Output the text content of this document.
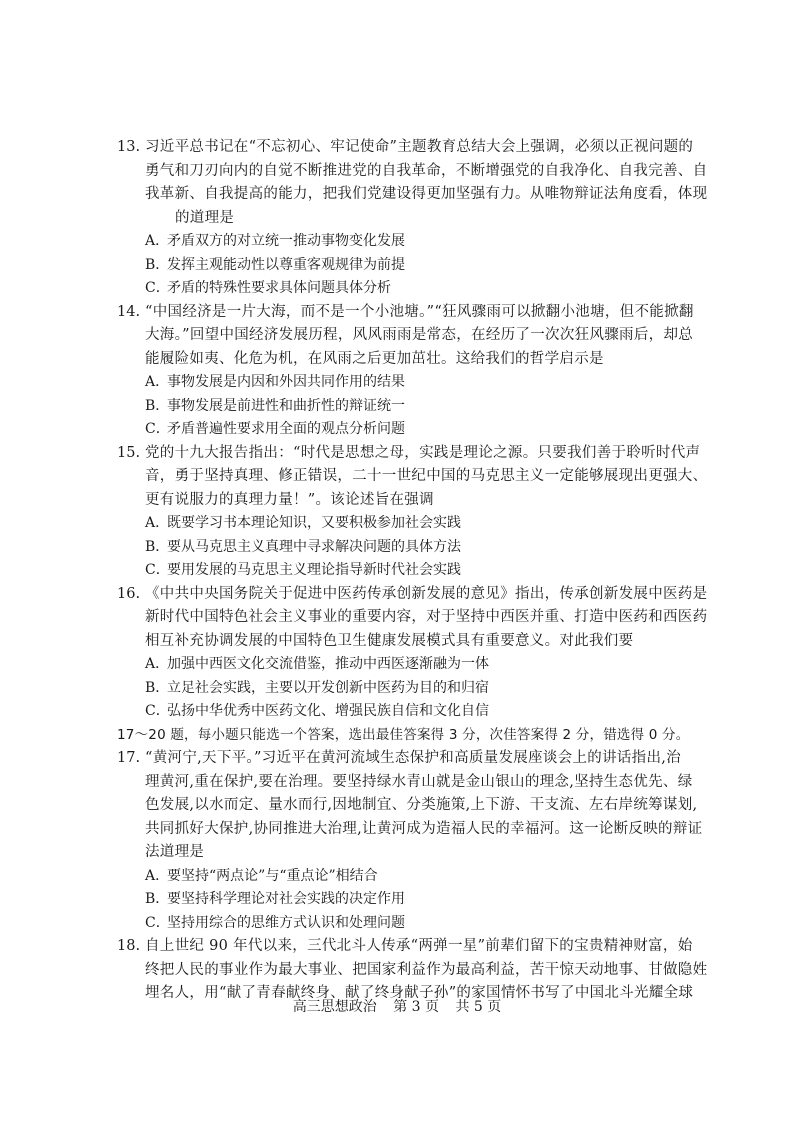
13. 习近平总书记在“不忘初心、牢记使命”主题教育总结大会上强调，必须以正视问题的
勇气和刀刃向内的自觉不断推进党的自我革命，不断增强党的自我净化、自我完善、自
我革新、自我提高的能力，把我们党建设得更加坚强有力。从唯物辩证法角度看，体现
的道理是
A．矛盾双方的对立统一推动事物变化发展
B．发挥主观能动性以尊重客观规律为前提
C．矛盾的特殊性要求具体问题具体分析
14. “中国经济是一片大海，而不是一个小池塘。”“狂风骤雨可以掀翻小池塘，但不能掀翻
大海。”回望中国经济发展历程，风风雨雨是常态，在经历了一次次狂风骤雨后，却总
能履险如夷、化危为机，在风雨之后更加茁壮。这给我们的哲学启示是
A．事物发展是内因和外因共同作用的结果
B．事物发展是前进性和曲折性的辩证统一
C．矛盾普遍性要求用全面的观点分析问题
15. 党的十九大报告指出：“时代是思想之母，实践是理论之源。只要我们善于聆听时代声
音，勇于坚持真理、修正错误，二十一世纪中国的马克思主义一定能够展现出更强大、
更有说服力的真理力量！”。该论述旨在强调
A．既要学习书本理论知识，又要积极参加社会实践
B．要从马克思主义真理中寻求解决问题的具体方法
C．要用发展的马克思主义理论指导新时代社会实践
16. 《中共中央国务院关于促进中医药传承创新发展的意见》指出，传承创新发展中医药是
新时代中国特色社会主义事业的重要内容，对于坚持中西医并重、打造中医药和西医药
相互补充协调发展的中国特色卫生健康发展模式具有重要意义。对此我们要
A．加强中西医文化交流借鉴，推动中西医逐渐融为一体
B．立足社会实践，主要以开发创新中医药为目的和归宿
C．弘扬中华优秀中医药文化、增强民族自信和文化自信
17～20 题，每小题只能选一个答案，选出最佳答案得 3 分，次佳答案得 2 分，错选得 0 分。
17. “黄河宁,天下平。”习近平在黄河流域生态保护和高质量发展座谈会上的讲话指出,治
理黄河,重在保护,要在治理。要坚持绿水青山就是金山银山的理念,坚持生态优先、绿
色发展,以水而定、量水而行,因地制宜、分类施策,上下游、干支流、左右岸统筹谋划,
共同抓好大保护,协同推进大治理,让黄河成为造福人民的幸福河。这一论断反映的辩证
法道理是
A．要坚持“两点论”与“重点论”相结合
B．要坚持科学理论对社会实践的决定作用
C．坚持用综合的思维方式认识和处理问题
18. 自上世纪 90 年代以来，三代北斗人传承“两弹一星”前辈们留下的宝贵精神财富，始
终把人民的事业作为最大事业、把国家利益作为最高利益，苦干惊天动地事、甘做隐姓
埋名人，用“献了青春献终身、献了终身献子孙”的家国情怀书写了中国北斗光耀全球
高三思想政治 第 3 页 共 5 页
